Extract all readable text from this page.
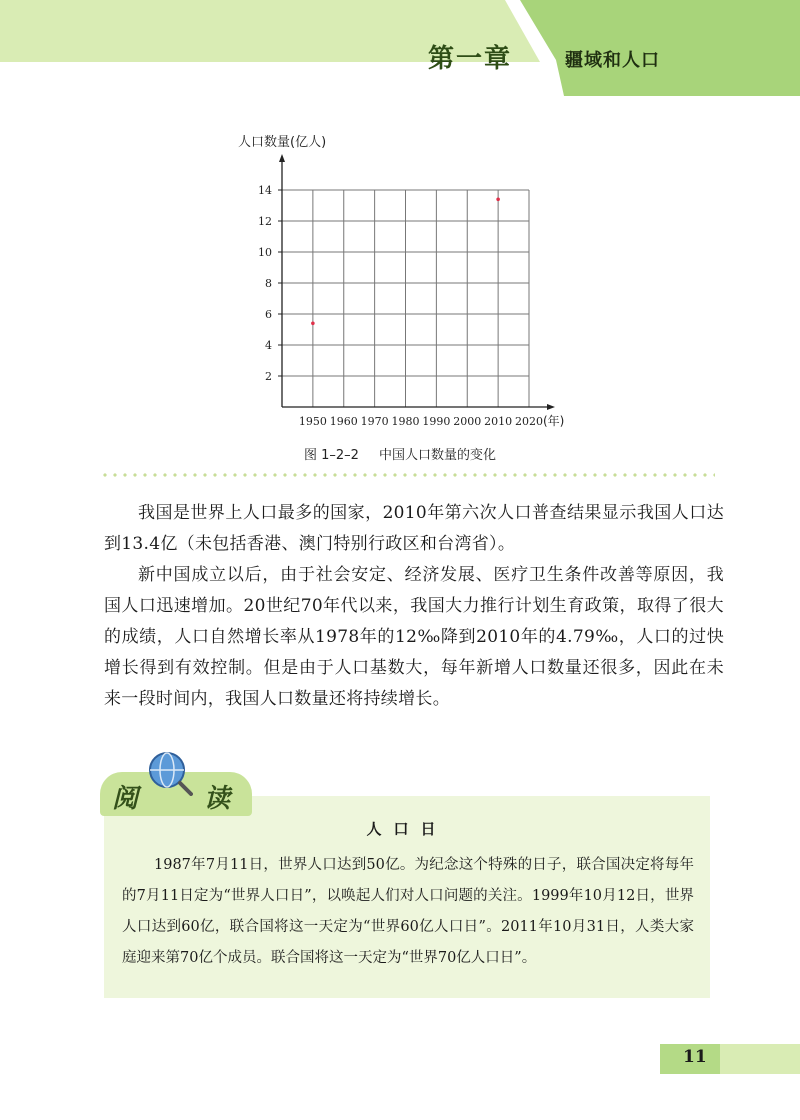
第一章	疆域和人口
人口数量(亿人)
2
4
6
8
10
12
14
1950 1960 1970 1980 1990 2000 2010 2020 (年)
图 1–2–2 中国人口数量的变化

我国是世界上人口最多的国家，2010年第六次人口普查结果显示我国人口达到13.4亿（未包括香港、澳门特别行政区和台湾省）。

新中国成立以后，由于社会安定、经济发展、医疗卫生条件改善等原因，我国人口迅速增加。20世纪70年代以来，我国大力推行计划生育政策，取得了很大的成绩，人口自然增长率从1978年的12‰降到2010年的4.79‰，人口的过快增长得到有效控制。但是由于人口基数大，每年新增人口数量还很多，因此在未来一段时间内，我国人口数量还将持续增长。

阅	读
人口日

1987年7月11日，世界人口达到50亿。为纪念这个特殊的日子，联合国决定将每年的7月11日定为“世界人口日”，以唤起人们对人口问题的关注。1999年10月12日，世界人口达到60亿，联合国将这一天定为“世界60亿人口日”。2011年10月31日，人类大家庭迎来第70亿个成员。联合国将这一天定为“世界70亿人口日”。

11
